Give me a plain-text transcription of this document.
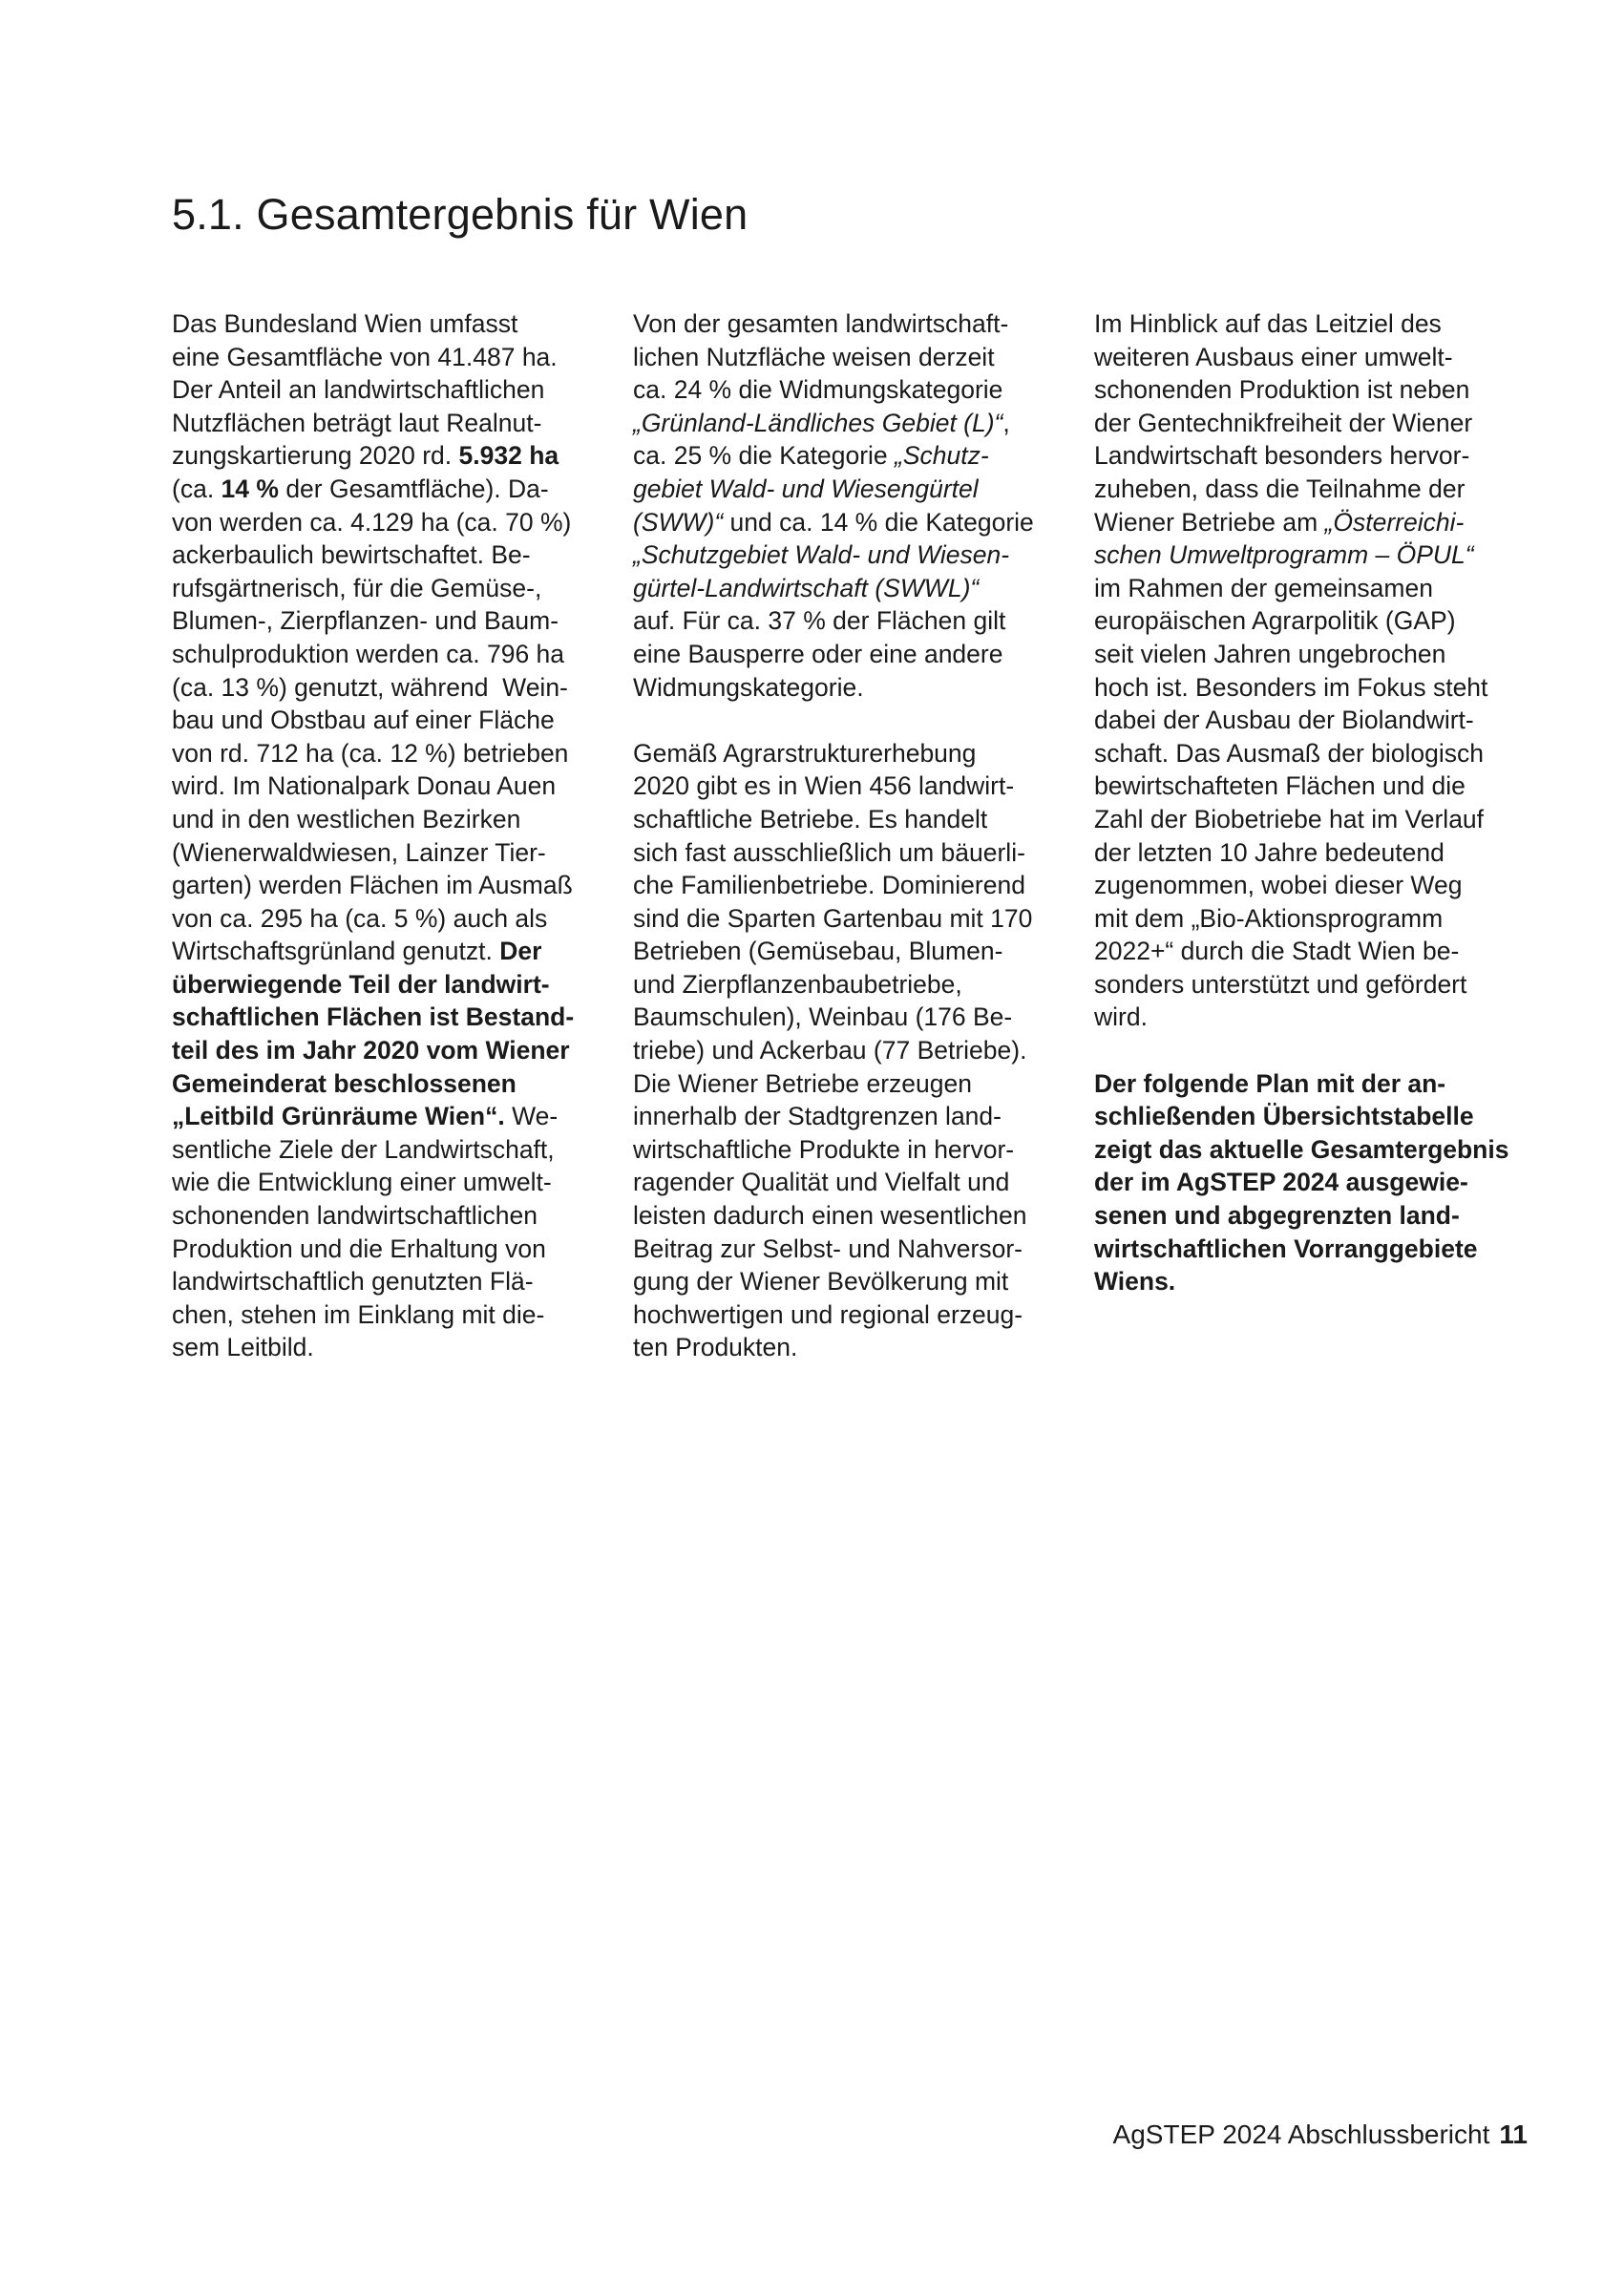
5.1. Gesamtergebnis für Wien

Das Bundesland Wien umfasst
eine Gesamtfläche von 41.487 ha.
Der Anteil an landwirtschaftlichen
Nutzflächen beträgt laut Realnut-
zungskartierung 2020 rd. 5.932 ha
(ca. 14 % der Gesamtfläche). Da-
von werden ca. 4.129 ha (ca. 70 %)
ackerbaulich bewirtschaftet. Be-
rufsgärtnerisch, für die Gemüse-,
Blumen-, Zierpflanzen- und Baum-
schulproduktion werden ca. 796 ha
(ca. 13 %) genutzt, während  Wein-
bau und Obstbau auf einer Fläche
von rd. 712 ha (ca. 12 %) betrieben
wird. Im Nationalpark Donau Auen
und in den westlichen Bezirken
(Wienerwaldwiesen, Lainzer Tier-
garten) werden Flächen im Ausmaß
von ca. 295 ha (ca. 5 %) auch als
Wirtschaftsgrünland genutzt. Der
überwiegende Teil der landwirt-
schaftlichen Flächen ist Bestand-
teil des im Jahr 2020 vom Wiener
Gemeinderat beschlossenen
„Leitbild Grünräume Wien“. We-
sentliche Ziele der Landwirtschaft,
wie die Entwicklung einer umwelt-
schonenden landwirtschaftlichen
Produktion und die Erhaltung von
landwirtschaftlich genutzten Flä-
chen, stehen im Einklang mit die-
sem Leitbild.

Von der gesamten landwirtschaft-
lichen Nutzfläche weisen derzeit
ca. 24 % die Widmungskategorie
„Grünland-Ländliches Gebiet (L)“,
ca. 25 % die Kategorie „Schutz-
gebiet Wald- und Wiesengürtel
(SWW)“ und ca. 14 % die Kategorie
„Schutzgebiet Wald- und Wiesen-
gürtel-Landwirtschaft (SWWL)“
auf. Für ca. 37 % der Flächen gilt
eine Bausperre oder eine andere
Widmungskategorie.

Gemäß Agrarstrukturerhebung
2020 gibt es in Wien 456 landwirt-
schaftliche Betriebe. Es handelt
sich fast ausschließlich um bäuerli-
che Familienbetriebe. Dominierend
sind die Sparten Gartenbau mit 170
Betrieben (Gemüsebau, Blumen-
und Zierpflanzenbaubetriebe,
Baumschulen), Weinbau (176 Be-
triebe) und Ackerbau (77 Betriebe).
Die Wiener Betriebe erzeugen
innerhalb der Stadtgrenzen land-
wirtschaftliche Produkte in hervor-
ragender Qualität und Vielfalt und
leisten dadurch einen wesentlichen
Beitrag zur Selbst- und Nahversor-
gung der Wiener Bevölkerung mit
hochwertigen und regional erzeug-
ten Produkten.

Im Hinblick auf das Leitziel des
weiteren Ausbaus einer umwelt-
schonenden Produktion ist neben
der Gentechnikfreiheit der Wiener
Landwirtschaft besonders hervor-
zuheben, dass die Teilnahme der
Wiener Betriebe am „Österreichi-
schen Umweltprogramm – ÖPUL“
im Rahmen der gemeinsamen
europäischen Agrarpolitik (GAP)
seit vielen Jahren ungebrochen
hoch ist. Besonders im Fokus steht
dabei der Ausbau der Biolandwirt-
schaft. Das Ausmaß der biologisch
bewirtschafteten Flächen und die
Zahl der Biobetriebe hat im Verlauf
der letzten 10 Jahre bedeutend
zugenommen, wobei dieser Weg
mit dem „Bio-Aktionsprogramm
2022+“ durch die Stadt Wien be-
sonders unterstützt und gefördert
wird.

Der folgende Plan mit der an-
schließenden Übersichtstabelle
zeigt das aktuelle Gesamtergebnis
der im AgSTEP 2024 ausgewie-
senen und abgegrenzten land-
wirtschaftlichen Vorranggebiete
Wiens.

AgSTEP 2024 Abschlussbericht 11
